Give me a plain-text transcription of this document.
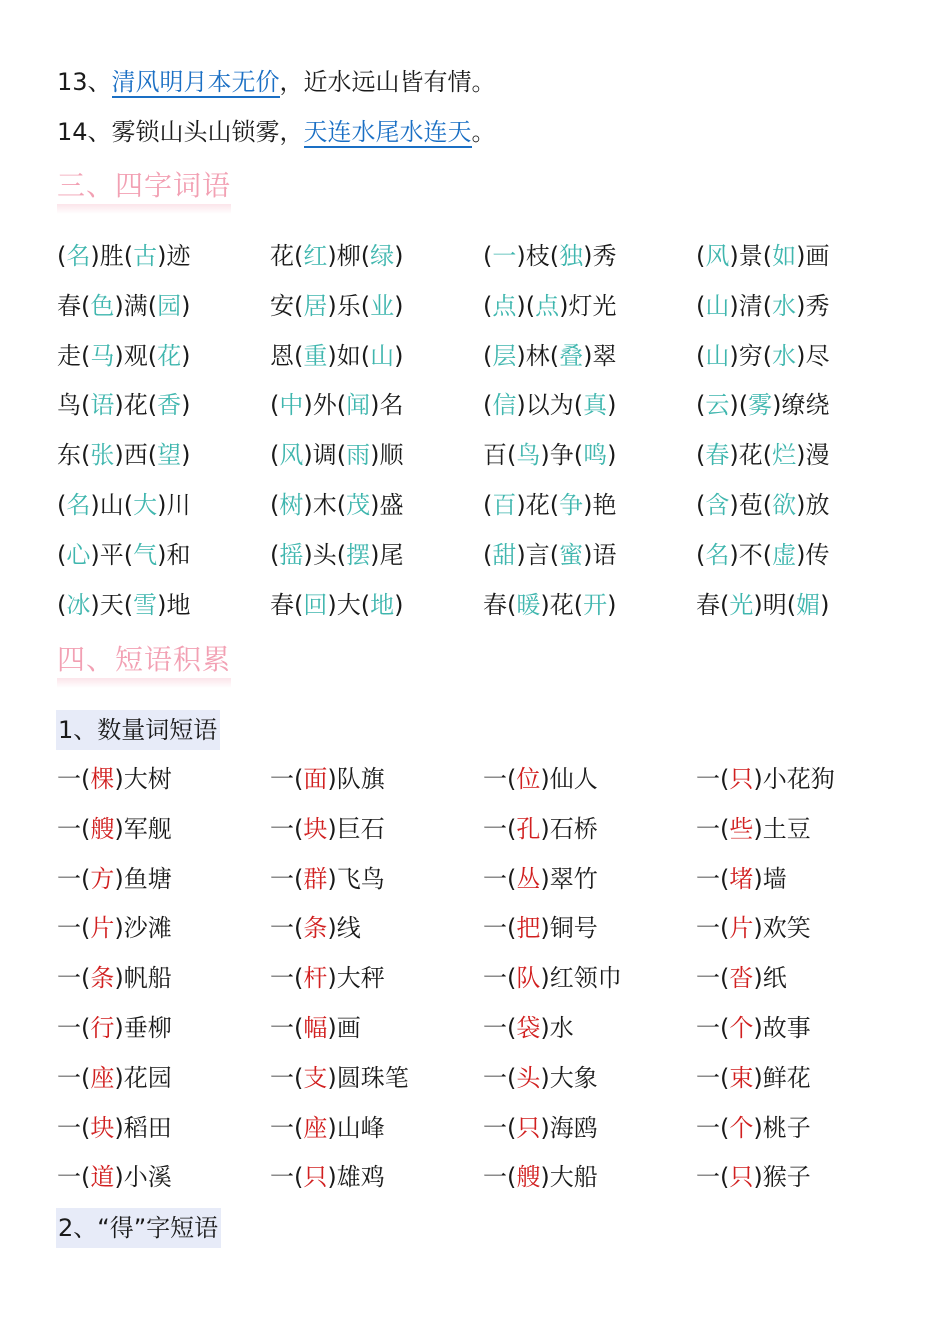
13、清风明月本无价，近水远山皆有情。
14、雾锁山头山锁雾，天连水尾水连天。
三、四字词语
(名)胜(古)迹	花(红)柳(绿)	(一)枝(独)秀	(风)景(如)画
春(色)满(园)	安(居)乐(业)	(点)(点)灯光	(山)清(水)秀
走(马)观(花)	恩(重)如(山)	(层)林(叠)翠	(山)穷(水)尽
鸟(语)花(香)	(中)外(闻)名	(信)以为(真)	(云)(雾)缭绕
东(张)西(望)	(风)调(雨)顺	百(鸟)争(鸣)	(春)花(烂)漫
(名)山(大)川	(树)木(茂)盛	(百)花(争)艳	(含)苞(欲)放
(心)平(气)和	(摇)头(摆)尾	(甜)言(蜜)语	(名)不(虚)传
(冰)天(雪)地	春(回)大(地)	春(暖)花(开)	春(光)明(媚)
四、短语积累
1、数量词短语
一(棵)大树	一(面)队旗	一(位)仙人	一(只)小花狗
一(艘)军舰	一(块)巨石	一(孔)石桥	一(些)土豆
一(方)鱼塘	一(群)飞鸟	一(丛)翠竹	一(堵)墙
一(片)沙滩	一(条)线	一(把)铜号	一(片)欢笑
一(条)帆船	一(杆)大秤	一(队)红领巾	一(沓)纸
一(行)垂柳	一(幅)画	一(袋)水	一(个)故事
一(座)花园	一(支)圆珠笔	一(头)大象	一(束)鲜花
一(块)稻田	一(座)山峰	一(只)海鸥	一(个)桃子
一(道)小溪	一(只)雄鸡	一(艘)大船	一(只)猴子
2、“得”字短语
